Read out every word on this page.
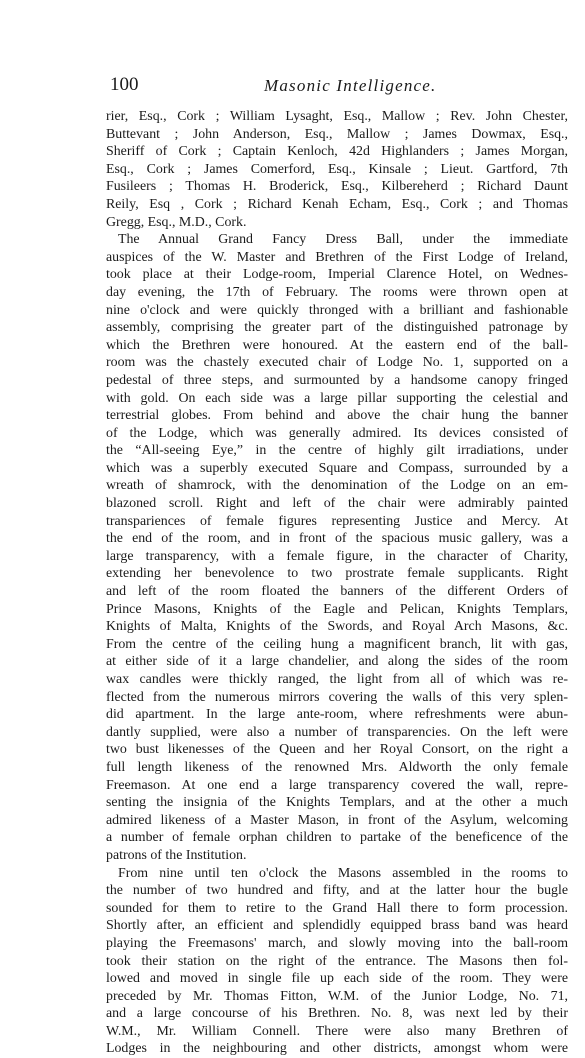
100	Masonic Intelligence.
rier, Esq., Cork ; William Lysaght, Esq., Mallow ; Rev. John Chester,
Buttevant ; John Anderson, Esq., Mallow ; James Dowmax, Esq.,
Sheriff of Cork ; Captain Kenloch, 42d Highlanders ; James Morgan,
Esq., Cork ; James Comerford, Esq., Kinsale ; Lieut. Gartford, 7th
Fusileers ; Thomas H. Broderick, Esq., Kilbereherd ; Richard Daunt
Reily, Esq , Cork ; Richard Kenah Echam, Esq., Cork ; and Thomas
Gregg, Esq., M.D., Cork.
The Annual Grand Fancy Dress Ball, under the immediate
auspices of the W. Master and Brethren of the First Lodge of Ireland,
took place at their Lodge-room, Imperial Clarence Hotel, on Wednes-
day evening, the 17th of February. The rooms were thrown open at
nine o'clock and were quickly thronged with a brilliant and fashionable
assembly, comprising the greater part of the distinguished patronage by
which the Brethren were honoured. At the eastern end of the ball-
room was the chastely executed chair of Lodge No. 1, supported on a
pedestal of three steps, and surmounted by a handsome canopy fringed
with gold. On each side was a large pillar supporting the celestial and
terrestrial globes. From behind and above the chair hung the banner
of the Lodge, which was generally admired. Its devices consisted of
the “All-seeing Eye,” in the centre of highly gilt irradiations, under
which was a superbly executed Square and Compass, surrounded by a
wreath of shamrock, with the denomination of the Lodge on an em-
blazoned scroll. Right and left of the chair were admirably painted
transpariences of female figures representing Justice and Mercy. At
the end of the room, and in front of the spacious music gallery, was a
large transparency, with a female figure, in the character of Charity,
extending her benevolence to two prostrate female supplicants. Right
and left of the room floated the banners of the different Orders of
Prince Masons, Knights of the Eagle and Pelican, Knights Templars,
Knights of Malta, Knights of the Swords, and Royal Arch Masons, &c.
From the centre of the ceiling hung a magnificent branch, lit with gas,
at either side of it a large chandelier, and along the sides of the room
wax candles were thickly ranged, the light from all of which was re-
flected from the numerous mirrors covering the walls of this very splen-
did apartment. In the large ante-room, where refreshments were abun-
dantly supplied, were also a number of transparencies. On the left were
two bust likenesses of the Queen and her Royal Consort, on the right a
full length likeness of the renowned Mrs. Aldworth the only female
Freemason. At one end a large transparency covered the wall, repre-
senting the insignia of the Knights Templars, and at the other a much
admired likeness of a Master Mason, in front of the Asylum, welcoming
a number of female orphan children to partake of the beneficence of the
patrons of the Institution.
From nine until ten o'clock the Masons assembled in the rooms to
the number of two hundred and fifty, and at the latter hour the bugle
sounded for them to retire to the Grand Hall there to form procession.
Shortly after, an efficient and splendidly equipped brass band was heard
playing the Freemasons' march, and slowly moving into the ball-room
took their station on the right of the entrance. The Masons then fol-
lowed and moved in single file up each side of the room. They were
preceded by Mr. Thomas Fitton, W.M. of the Junior Lodge, No. 71,
and a large concourse of his Brethren. No. 8, was next led by their
W.M., Mr. William Connell. There were also many Brethren of
Lodges in the neighbouring and other districts, amongst whom were
